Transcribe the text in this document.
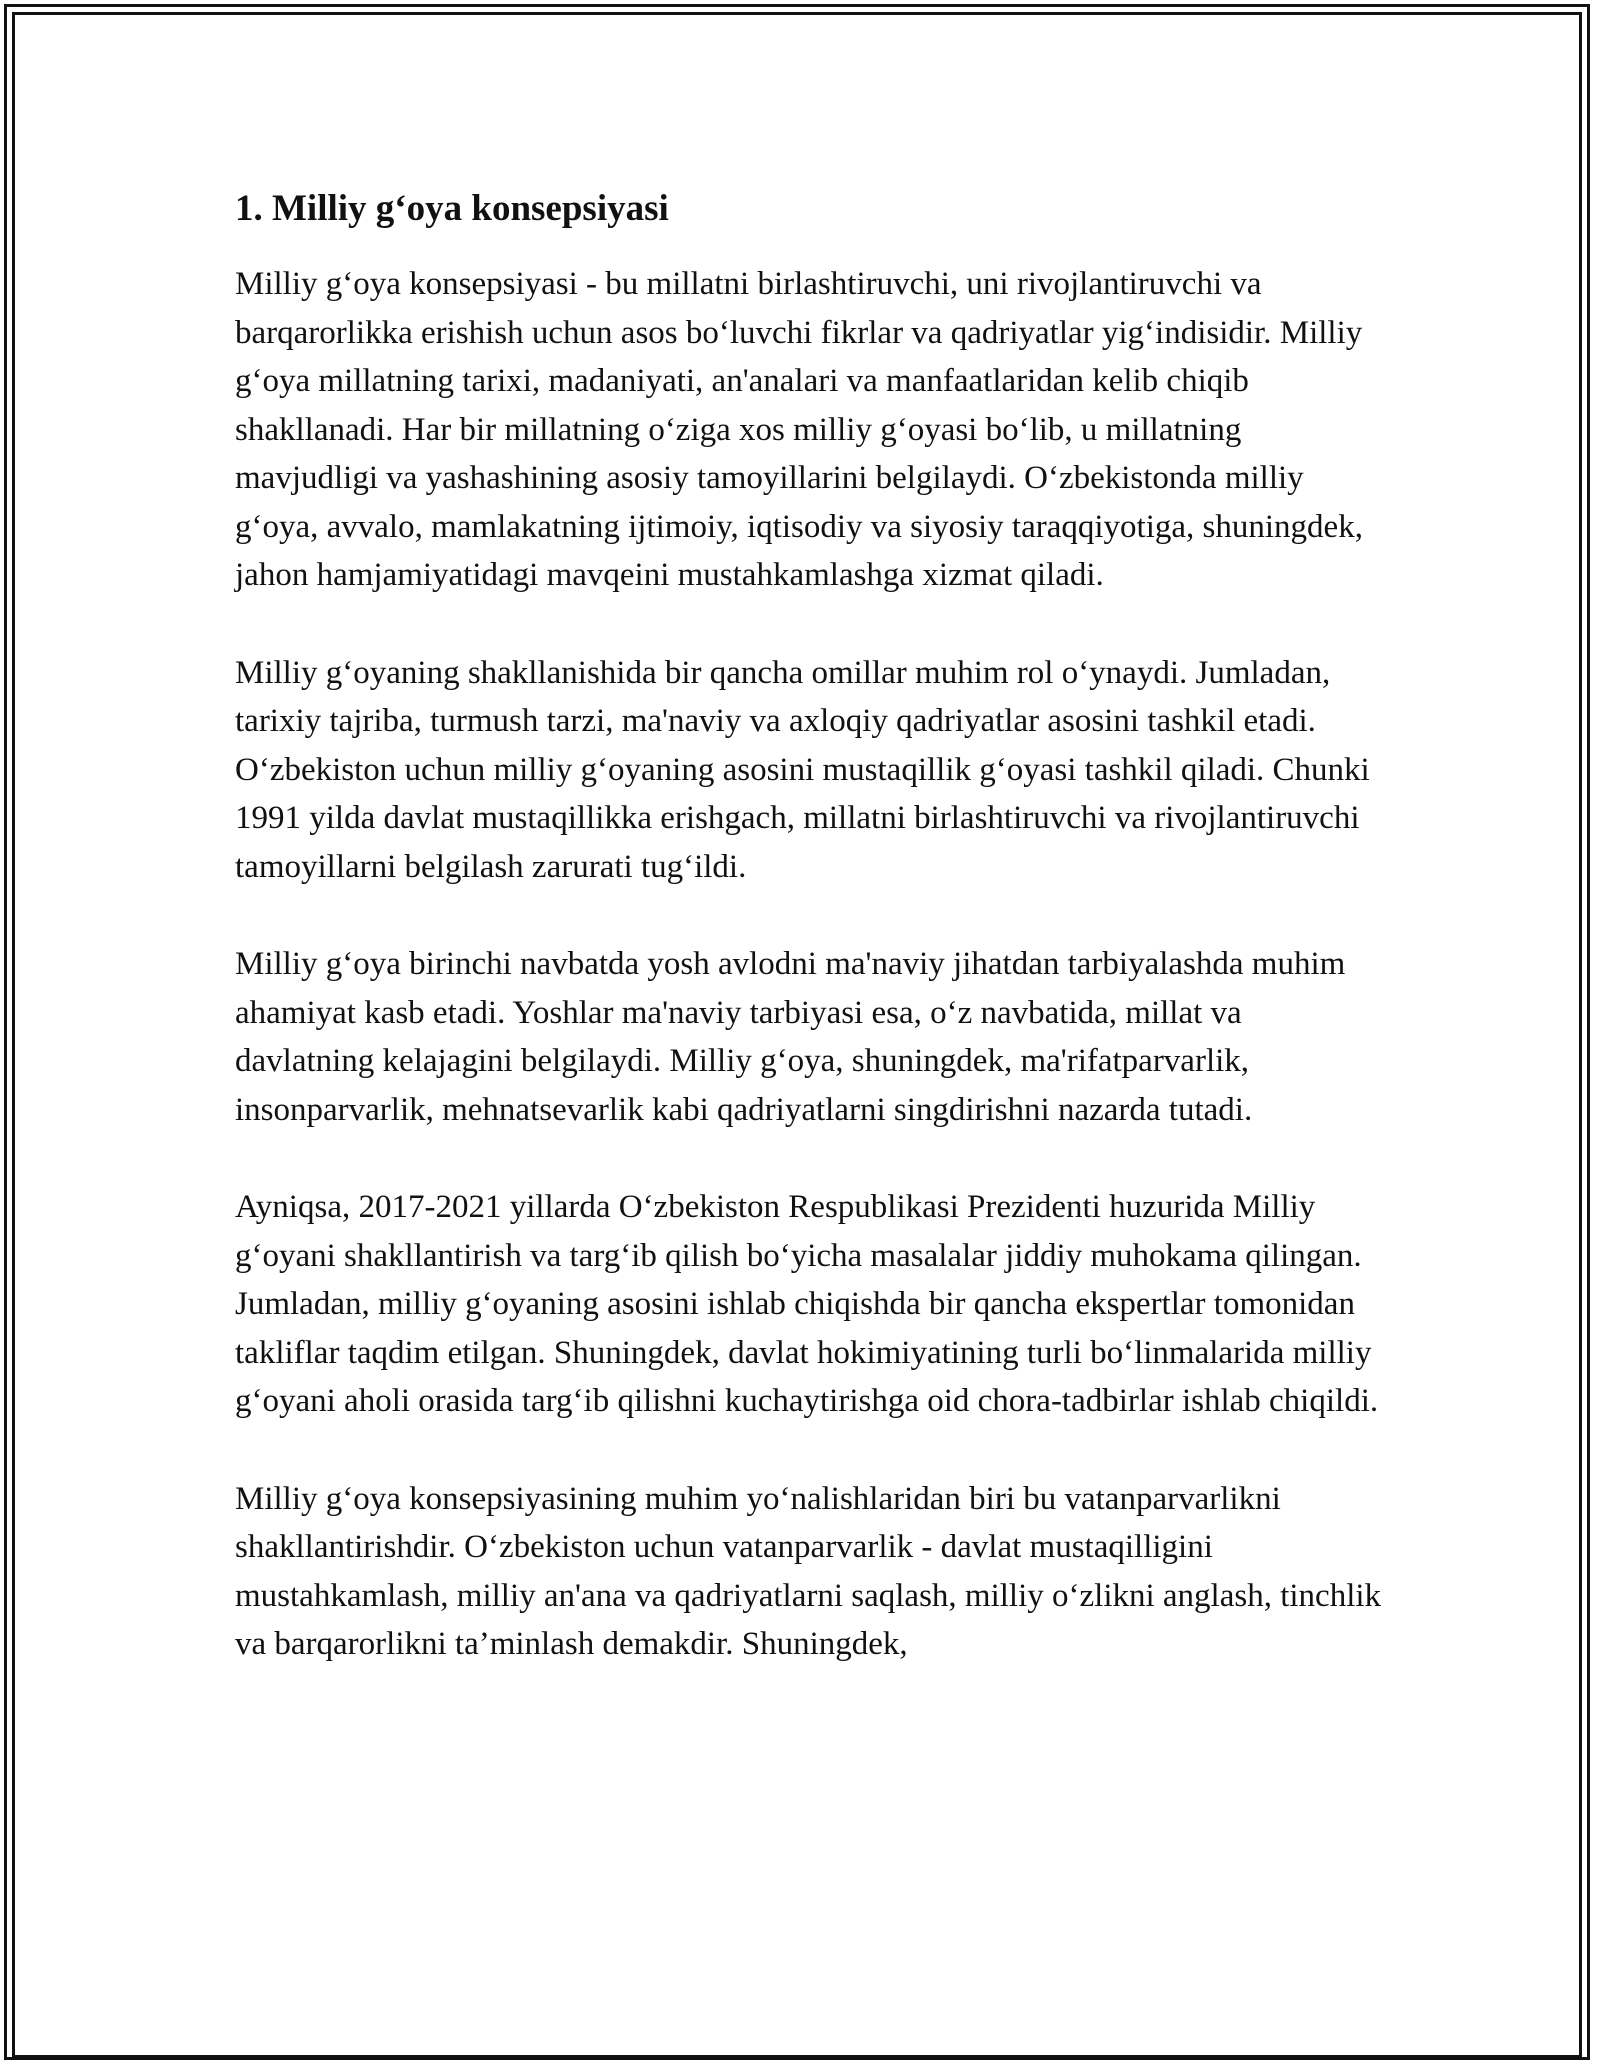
1. Milliy g‘oya konsepsiyasi

Milliy g‘oya konsepsiyasi - bu millatni birlashtiruvchi, uni rivojlantiruvchi va barqarorlikka erishish uchun asos bo‘luvchi fikrlar va qadriyatlar yig‘indisidir. Milliy g‘oya millatning tarixi, madaniyati, an'analari va manfaatlaridan kelib chiqib shakllanadi. Har bir millatning o‘ziga xos milliy g‘oyasi bo‘lib, u millatning mavjudligi va yashashining asosiy tamoyillarini belgilaydi. O‘zbekistonda milliy g‘oya, avvalo, mamlakatning ijtimoiy, iqtisodiy va siyosiy taraqqiyotiga, shuningdek, jahon hamjamiyatidagi mavqeini mustahkamlashga xizmat qiladi.

Milliy g‘oyaning shakllanishida bir qancha omillar muhim rol o‘ynaydi. Jumladan, tarixiy tajriba, turmush tarzi, ma'naviy va axloqiy qadriyatlar asosini tashkil etadi. O‘zbekiston uchun milliy g‘oyaning asosini mustaqillik g‘oyasi tashkil qiladi. Chunki 1991 yilda davlat mustaqillikka erishgach, millatni birlashtiruvchi va rivojlantiruvchi tamoyillarni belgilash zarurati tug‘ildi.

Milliy g‘oya birinchi navbatda yosh avlodni ma'naviy jihatdan tarbiyalashda muhim ahamiyat kasb etadi. Yoshlar ma'naviy tarbiyasi esa, o‘z navbatida, millat va davlatning kelajagini belgilaydi. Milliy g‘oya, shuningdek, ma'rifatparvarlik, insonparvarlik, mehnatsevarlik kabi qadriyatlarni singdirishni nazarda tutadi.

Ayniqsa, 2017-2021 yillarda O‘zbekiston Respublikasi Prezidenti huzurida Milliy g‘oyani shakllantirish va targ‘ib qilish bo‘yicha masalalar jiddiy muhokama qilingan. Jumladan, milliy g‘oyaning asosini ishlab chiqishda bir qancha ekspertlar tomonidan takliflar taqdim etilgan. Shuningdek, davlat hokimiyatining turli bo‘linmalarida milliy g‘oyani aholi orasida targ‘ib qilishni kuchaytirishga oid chora-tadbirlar ishlab chiqildi.

Milliy g‘oya konsepsiyasining muhim yo‘nalishlaridan biri bu vatanparvarlikni shakllantirishdir. O‘zbekiston uchun vatanparvarlik - davlat mustaqilligini mustahkamlash, milliy an'ana va qadriyatlarni saqlash, milliy o‘zlikni anglash, tinchlik va barqarorlikni ta’minlash demakdir. Shuningdek,
